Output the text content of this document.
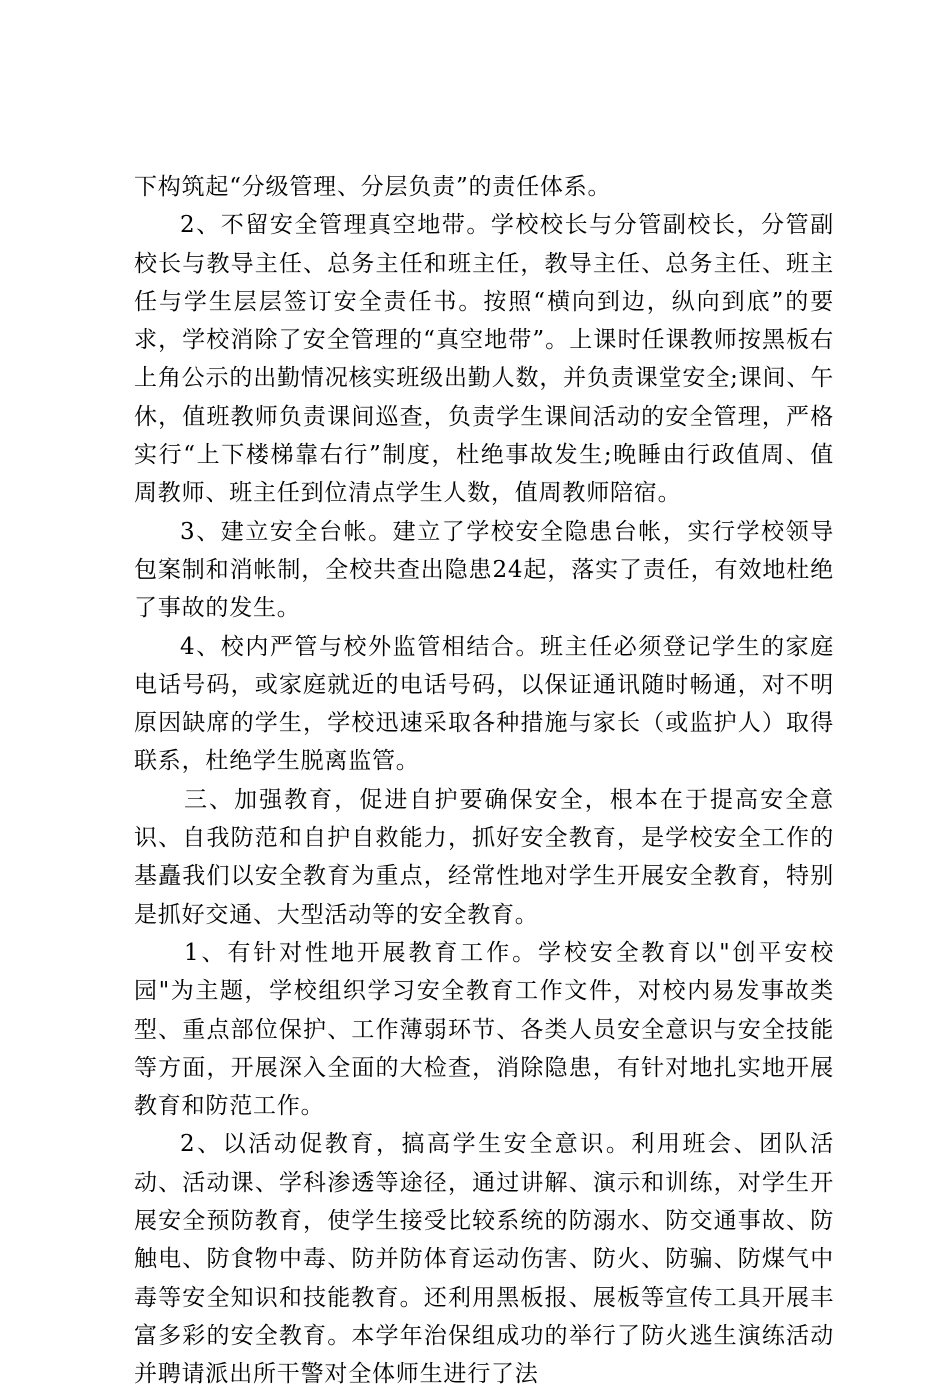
下构筑起“分级管理、分层负责”的责任体系。

2、不留安全管理真空地带。学校校长与分管副校长，分管副校长与教导主任、总务主任和班主任，教导主任、总务主任、班主任与学生层层签订安全责任书。按照“横向到边，纵向到底”的要求，学校消除了安全管理的“真空地带”。上课时任课教师按黑板右上角公示的出勤情况核实班级出勤人数，并负责课堂安全;课间、午休，值班教师负责课间巡查，负责学生课间活动的安全管理，严格实行“上下楼梯靠右行”制度，杜绝事故发生;晚睡由行政值周、值周教师、班主任到位清点学生人数，值周教师陪宿。

3、建立安全台帐。建立了学校安全隐患台帐，实行学校领导包案制和消帐制，全校共查出隐患24起，落实了责任，有效地杜绝了事故的发生。

4、校内严管与校外监管相结合。班主任必须登记学生的家庭电话号码，或家庭就近的电话号码，以保证通讯随时畅通，对不明原因缺席的学生，学校迅速采取各种措施与家长（或监护人）取得联系，杜绝学生脱离监管。

三、加强教育，促进自护要确保安全，根本在于提高安全意识、自我防范和自护自救能力，抓好安全教育，是学校安全工作的基矗我们以安全教育为重点，经常性地对学生开展安全教育，特别是抓好交通、大型活动等的安全教育。

1、有针对性地开展教育工作。学校安全教育以"创平安校园"为主题，学校组织学习安全教育工作文件，对校内易发事故类型、重点部位保护、工作薄弱环节、各类人员安全意识与安全技能等方面，开展深入全面的大检查，消除隐患，有针对地扎实地开展教育和防范工作。

2、以活动促教育，搞高学生安全意识。利用班会、团队活动、活动课、学科渗透等途径，通过讲解、演示和训练，对学生开展安全预防教育，使学生接受比较系统的防溺水、防交通事故、防触电、防食物中毒、防并防体育运动伤害、防火、防骗、防煤气中毒等安全知识和技能教育。还利用黑板报、展板等宣传工具开展丰富多彩的安全教育。本学年治保组成功的举行了防火逃生演练活动并聘请派出所干警对全体师生进行了法
